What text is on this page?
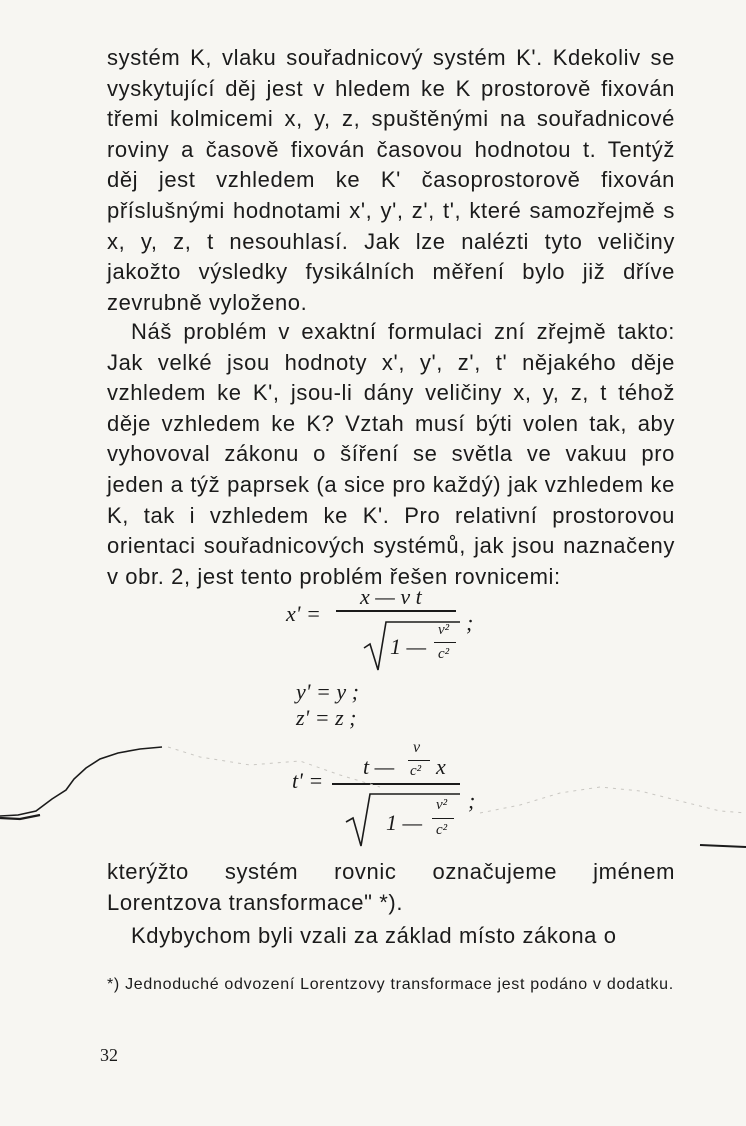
systém K, vlaku souřadnicový systém K'. Kdekoliv se vyskytující děj jest v hledem ke K prostorově fixován třemi kolmicemi x, y, z, spuštěnými na souřadnicové roviny a časově fixován časovou hodnotou t. Tentýž děj jest vzhledem ke K' časoprostorově fixován příslušnými hodnotami x', y', z', t', které samozřejmě s x, y, z, t nesouhlasí. Jak lze nalézti tyto veličiny jakožto výsledky fysikálních měření bylo již dříve zevrubně vyloženo.

Náš problém v exaktní formulaci zní zřejmě takto: Jak velké jsou hodnoty x', y', z', t' nějakého děje vzhledem ke K', jsou-li dány veličiny x, y, z, t téhož děje vzhledem ke K? Vztah musí býti volen tak, aby vyhovoval zákonu o šíření se světla ve vakuu pro jeden a týž paprsek (a sice pro každý) jak vzhledem ke K, tak i vzhledem ke K'. Pro relativní prostorovou orientaci souřadnicových systémů, jak jsou naznačeny v obr. 2, jest tento problém řešen rovnicemi:

x' =
x — v t
1 —
v²
c²
;
y' = y ;
z' = z ;
t' =
t —
v
c² x
1 —
v²
c²
;

kterýžto systém rovnic označujeme jménem Lorentzova transformace" *).

Kdybychom byli vzali za základ místo zákona o

*) Jednoduché odvození Lorentzovy transformace jest podáno v dodatku.

32
